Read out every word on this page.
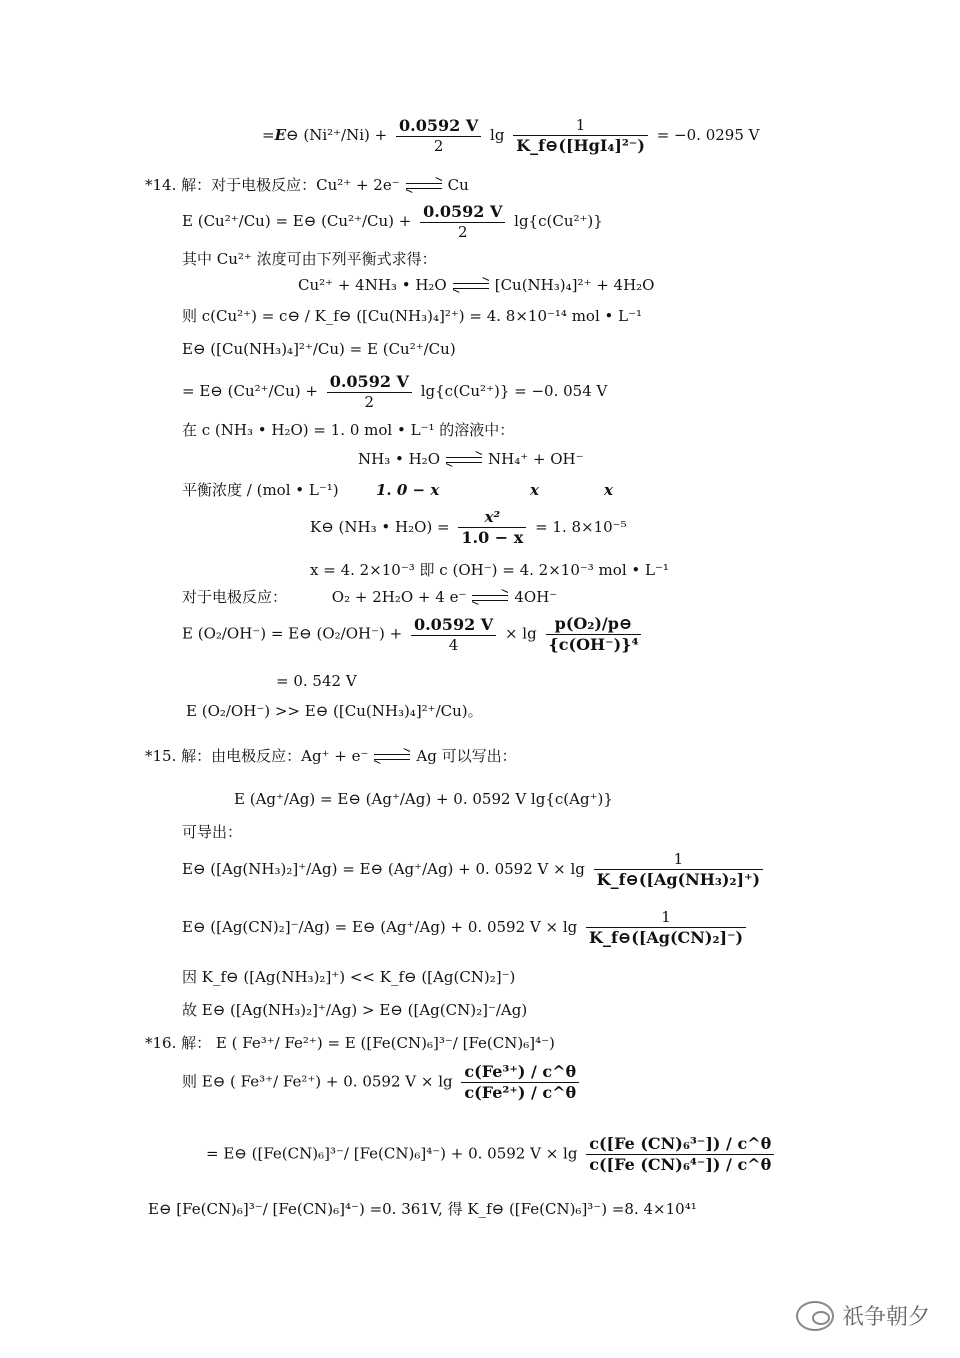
=E⊖ $(Ni^{2+}/Ni) + \frac{0.0592 V}{2}$ $\lg \frac{1}{\text{K\_f⊖([HgI₄]²⁻)}} = -0$. 0295 V
*14. 解：对于电极反应：Cu²⁺ + 2e⁻	Cu
E (Cu²⁺/Cu) = E⊖ $(Cu^{2+}/Cu) + \frac{0.0592 V}{2} \lg\{c(Cu^{2+})\}$
其中 Cu²⁺ 浓度可由下列平衡式求得：
Cu²⁺ + 4NH₃ • H₂O	[Cu(NH₃)₄]²⁺ + 4H₂O
则 c(Cu²⁺) = c⊖ / K_f⊖ ([Cu(NH₃)₄]²⁺) = 4. 8×10⁻¹⁴ mol • L⁻¹
E⊖ ([Cu(NH₃)₄]²⁺/Cu) = E (Cu²⁺/Cu)
= E⊖ $(Cu^{2+}/Cu) + \frac{0.0592 V}{2} \lg\{c(Cu^{2+})\} = -0$. 054 V
在 c (NH₃ • H₂O) = 1. 0 mol • L⁻¹ 的溶液中：
NH₃ • H₂O	NH₄⁺ + OH⁻
平衡浓度 / (mol • L⁻¹) 1. 0 − x	x	x
K⊖ (NH₃ • $H_2O) = \frac{\text{x²}}{1.0 - x} = 1$. 8×10⁻⁵
x = 4. 2×10⁻³ 即 c (OH⁻) = 4. 2×10⁻³ mol • L⁻¹
对于电极反应：	O₂ + 2H₂O + 4 e⁻	4OH⁻
E (O₂/OH⁻) = E⊖ $(O_2/OH^-) + \frac{0.0592 V}{4} \times \lg \frac{\text{p(O₂)/p⊖}}{\text{\{c(OH⁻)\}⁴}}$
= 0. 542 V
E (O₂/OH⁻) >> E⊖ ([Cu(NH₃)₄]²⁺/Cu)。
*15. 解：由电极反应：Ag⁺ + e⁻	Ag 可以写出：
E (Ag⁺/Ag) = E⊖ (Ag⁺/Ag) + 0. 0592 V lg{c(Ag⁺)}
可导出：
E⊖ ([Ag(NH₃)₂]⁺/Ag) = E⊖ (Ag⁺/Ag) + 0. 0592 $V \times \lg \frac{1}{\text{K\_f⊖([Ag(NH₃)₂]⁺)}}$
E⊖ ([Ag(CN)₂]⁻/Ag) = E⊖ (Ag⁺/Ag) + 0. 0592 $V \times \lg \frac{1}{\text{K\_f⊖([Ag(CN)₂]⁻)}}$
因 K_f⊖ ([Ag(NH₃)₂]⁺) << K_f⊖ ([Ag(CN)₂]⁻)
故 E⊖ ([Ag(NH₃)₂]⁺/Ag) > E⊖ ([Ag(CN)₂]⁻/Ag)
*16. 解： E ( Fe³⁺/ Fe²⁺) = E ([Fe(CN)₆]³⁻/ [Fe(CN)₆]⁴⁻)
则 E⊖ ( Fe³⁺/ Fe²⁺) + 0. 0592 $V \times \lg \frac{\text{c(Fe³⁺) / c\textasciicircum{}θ}}{\text{c(Fe²⁺) / c\textasciicircum{}θ}}$
= E⊖ ([Fe(CN)₆]³⁻/ [Fe(CN)₆]⁴⁻) + 0. 0592 $V \times \lg \frac{\text{c([Fe (CN)₆³⁻]) / c\textasciicircum{}θ}}{\text{c([Fe (CN)₆⁴⁻]) / c\textasciicircum{}θ}}$
E⊖ [Fe(CN)₆]³⁻/ [Fe(CN)₆]⁴⁻) =0. 361V, 得 K_f⊖ ([Fe(CN)₆]³⁻) =8. 4×10⁴¹
祇争朝夕
